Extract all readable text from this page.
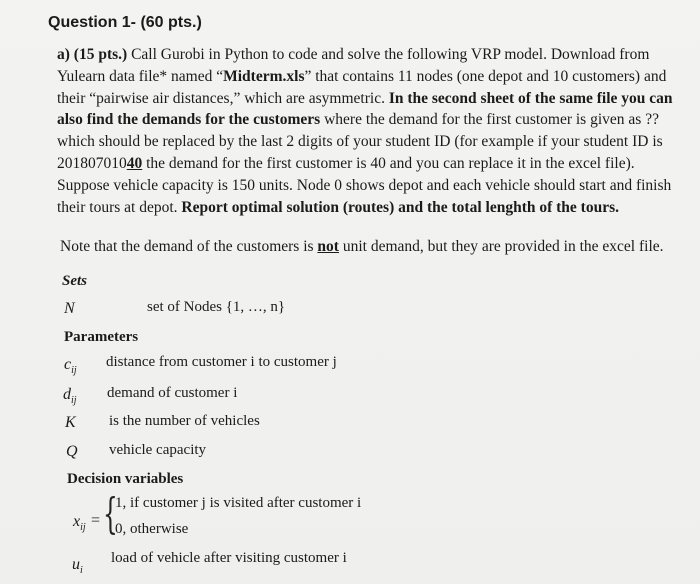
Question 1- (60 pts.)
a) (15 pts.) Call Gurobi in Python to code and solve the following VRP model. Download from Yulearn data file* named “Midterm.xls” that contains 11 nodes (one depot and 10 customers) and their “pairwise air distances,” which are asymmetric. In the second sheet of the same file you can also find the demands for the customers where the demand for the first customer is given as ?? which should be replaced by the last 2 digits of your student ID (for example if your student ID is 20180701040 the demand for the first customer is 40 and you can replace it in the excel file). Suppose vehicle capacity is 150 units. Node 0 shows depot and each vehicle should start and finish their tours at depot. Report optimal solution (routes) and the total lenghth of the tours.
Note that the demand of the customers is not unit demand, but they are provided in the excel file.
Sets
N	set of Nodes {1, …, n}
Parameters
$c_{ij}$
distance from customer i to customer j
$d_{ij}$ demand of customer i
K is the number of vehicles
Q vehicle capacity
Decision variables
$x_{ij}$ = {
1, if customer j is visited after customer i
0, otherwise
$u_i$
load of vehicle after visiting customer i
